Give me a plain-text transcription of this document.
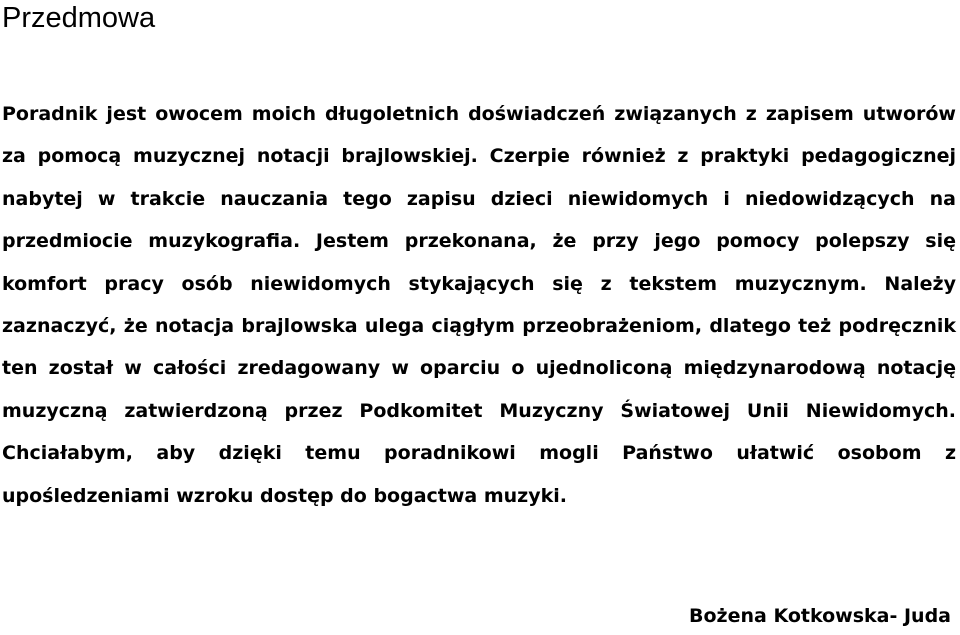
Przedmowa

Poradnik jest owocem moich długoletnich doświadczeń związanych z zapisem utworów za pomocą muzycznej notacji brajlowskiej. Czerpie również z praktyki pedagogicznej nabytej w trakcie nauczania tego zapisu dzieci niewidomych i niedowidzących na przedmiocie muzykografia. Jestem przekonana, że przy jego pomocy polepszy się komfort pracy osób niewidomych stykających się z tekstem muzycznym. Należy zaznaczyć, że notacja brajlowska ulega ciągłym przeobrażeniom, dlatego też podręcznik ten został w całości zredagowany w oparciu o ujednoliconą międzynarodową notację muzyczną zatwierdzoną przez Podkomitet Muzyczny Światowej Unii Niewidomych. Chciałabym, aby dzięki temu poradnikowi mogli Państwo ułatwić osobom z upośledzeniami wzroku dostęp do bogactwa muzyki.

Bożena Kotkowska- Juda
